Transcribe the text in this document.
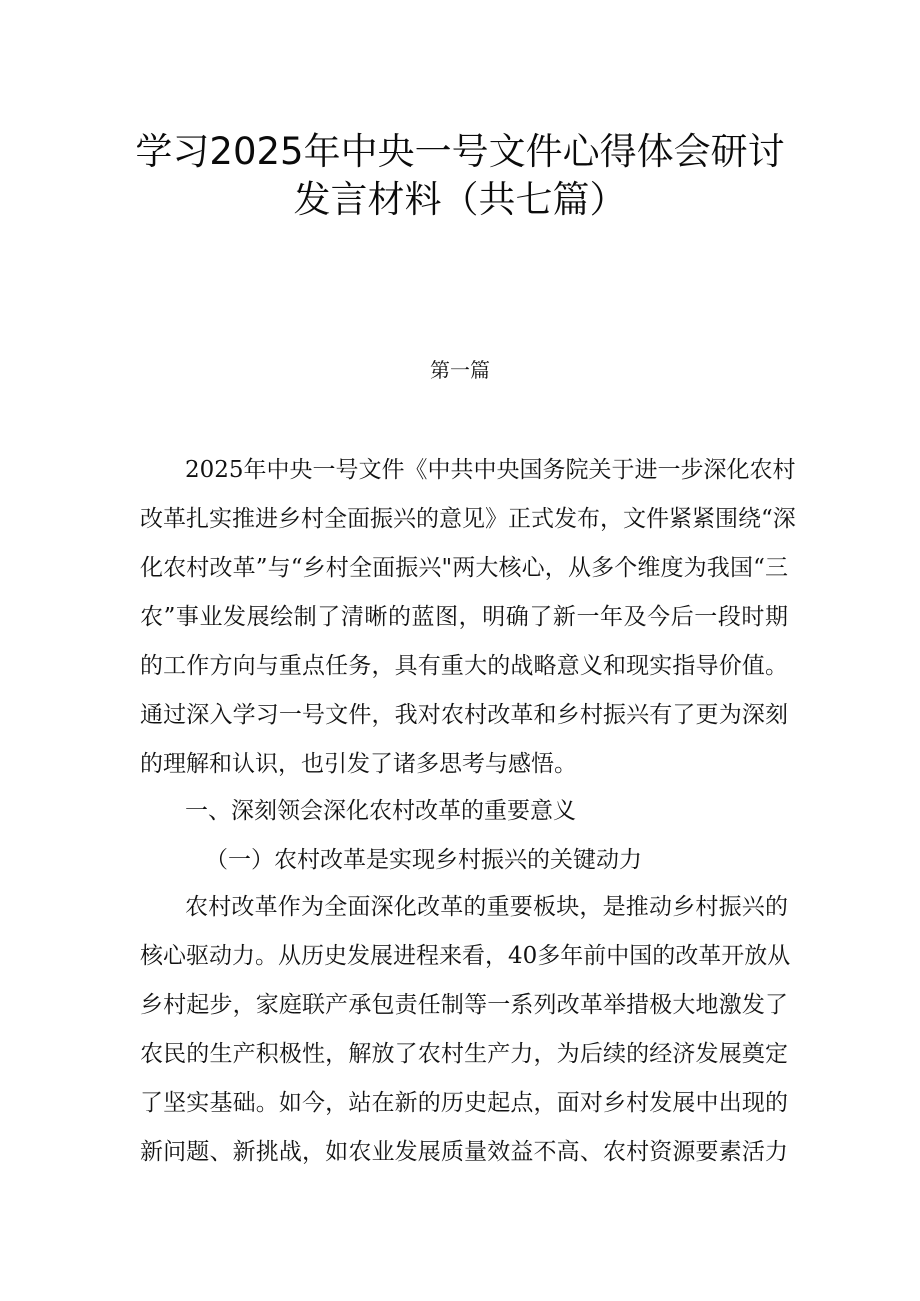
学习2025年中央一号文件心得体会研讨
发言材料（共七篇）
第一篇
2025年中央一号文件《中共中央国务院关于进一步深化农村
改革扎实推进乡村全面振兴的意见》正式发布，文件紧紧围绕“深
化农村改革”与“乡村全面振兴"两大核心，从多个维度为我国“三
农”事业发展绘制了清晰的蓝图，明确了新一年及今后一段时期
的工作方向与重点任务，具有重大的战略意义和现实指导价值。
通过深入学习一号文件，我对农村改革和乡村振兴有了更为深刻
的理解和认识，也引发了诸多思考与感悟。
一、深刻领会深化农村改革的重要意义
（一）农村改革是实现乡村振兴的关键动力
农村改革作为全面深化改革的重要板块，是推动乡村振兴的
核心驱动力。从历史发展进程来看，40多年前中国的改革开放从
乡村起步，家庭联产承包责任制等一系列改革举措极大地激发了
农民的生产积极性，解放了农村生产力，为后续的经济发展奠定
了坚实基础。如今，站在新的历史起点，面对乡村发展中出现的
新问题、新挑战，如农业发展质量效益不高、农村资源要素活力
